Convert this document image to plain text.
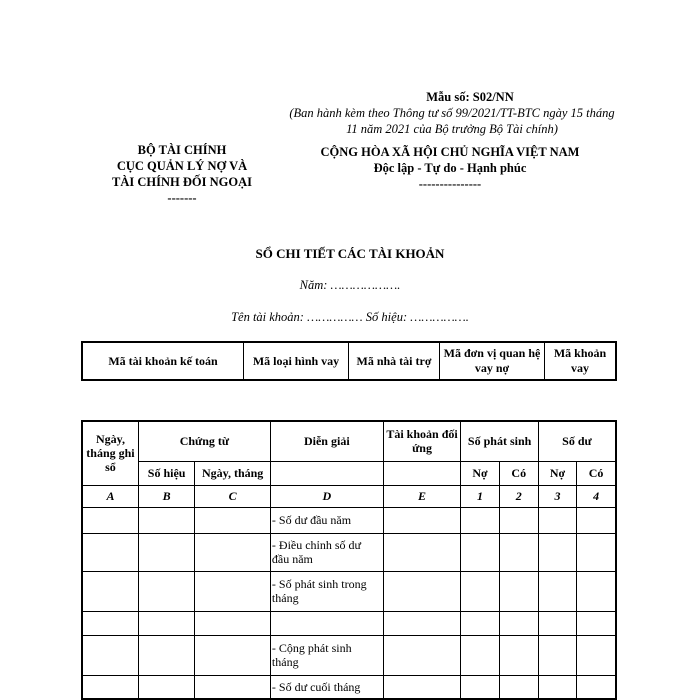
Mẫu số: S02/NN
(Ban hành kèm theo Thông tư số 99/2021/TT-BTC ngày 15 tháng 11 năm 2021 của Bộ trưởng Bộ Tài chính)
BỘ TÀI CHÍNH
CỤC QUẢN LÝ NỢ VÀ
TÀI CHÍNH ĐỐI NGOẠI
-------
CỘNG HÒA XÃ HỘI CHỦ NGHĨA VIỆT NAM
Độc lập - Tự do - Hạnh phúc
---------------
SỔ CHI TIẾT CÁC TÀI KHOẢN
Năm: ……………….
Tên tài khoản: …………… Số hiệu: …………….
Mã tài khoản kế toán	Mã loại hình vay	Mã nhà tài trợ	Mã đơn vị quan hệ vay nợ	Mã khoản vay
Ngày, tháng ghi sổ	Chứng từ		Diễn giải	Tài khoản đối ứng	Số phát sinh		Số dư	
	Số hiệu	Ngày, tháng			Nợ	Có	Nợ	Có
A	B	C	D	E	1	2	3	4
			- Số dư đầu năm					
			- Điều chỉnh số dư đầu năm					
			- Số phát sinh trong tháng					

			- Cộng phát sinh tháng					
			- Số dư cuối tháng					
